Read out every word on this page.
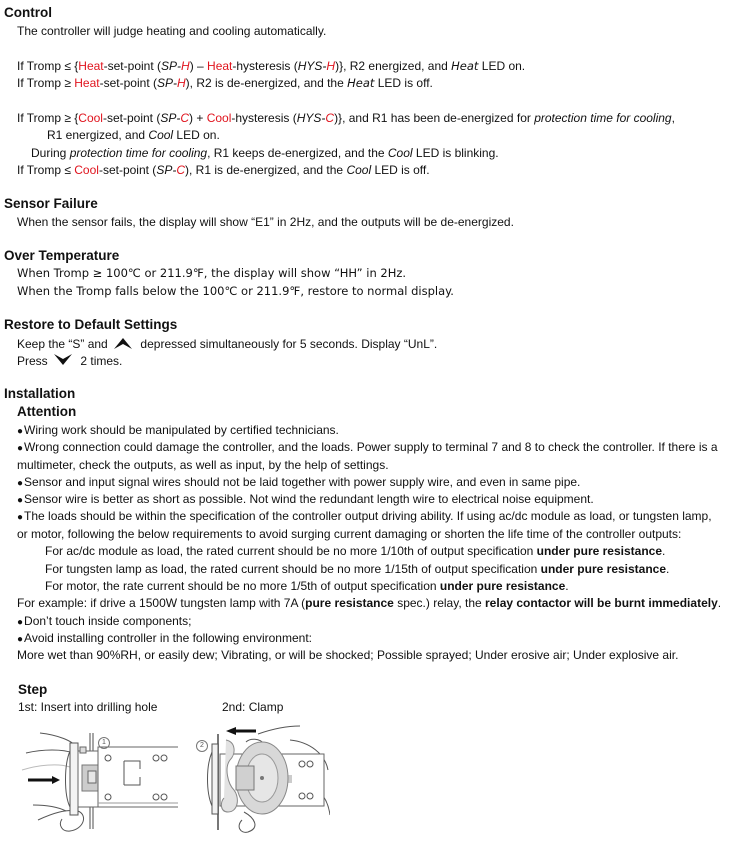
Control
The controller will judge heating and cooling automatically.
If Tromp ≤ {Heat-set-point (SP-H) – Heat-hysteresis (HYS-H)}, R2 energized, and Heat LED on.
If Tromp ≥ Heat-set-point (SP-H), R2 is de-energized, and the Heat LED is off.
If Tromp ≥ {Cool-set-point (SP-C) + Cool-hysteresis (HYS-C)}, and R1 has been de-energized for protection time for cooling,
R1 energized, and Cool LED on.
During protection time for cooling, R1 keeps de-energized, and the Cool LED is blinking.
If Tromp ≤ Cool-set-point (SP-C), R1 is de-energized, and the Cool LED is off.
Sensor Failure
When the sensor fails, the display will show “E1” in 2Hz, and the outputs will be de-energized.
Over Temperature
When Tromp ≥ 100℃ or 211.9℉, the display will show “HH” in 2Hz.
When the Tromp falls below the 100℃ or 211.9℉, restore to normal display.
Restore to Default Settings
Keep the “S” and	depressed simultaneously for 5 seconds. Display “UnL”.
Press	2 times.
Installation
Attention
● Wiring work should be manipulated by certified technicians.
● Wrong connection could damage the controller, and the loads. Power supply to terminal 7 and 8 to check the controller. If there is a
multimeter, check the outputs, as well as input, by the help of settings.
● Sensor and input signal wires should not be laid together with power supply wire, and even in same pipe.
● Sensor wire is better as short as possible. Not wind the redundant length wire to electrical noise equipment.
● The loads should be within the specification of the controller output driving ability. If using ac/dc module as load, or tungsten lamp,
or motor, following the below requirements to avoid surging current damaging or shorten the life time of the controller outputs:
For ac/dc module as load, the rated current should be no more 1/10th of output specification under pure resistance.
For tungsten lamp as load, the rated current should be no more 1/15th of output specification under pure resistance.
For motor, the rate current should be no more 1/5th of output specification under pure resistance.
For example: if drive a 1500W tungsten lamp with 7A (pure resistance spec.) relay, the relay contactor will be burnt immediately.
● Don’t touch inside components;
● Avoid installing controller in the following environment:
More wet than 90%RH, or easily dew; Vibrating, or will be shocked; Possible sprayed; Under erosive air; Under explosive air.
Step
1st: Insert into drilling hole	2nd: Clamp
1	2
